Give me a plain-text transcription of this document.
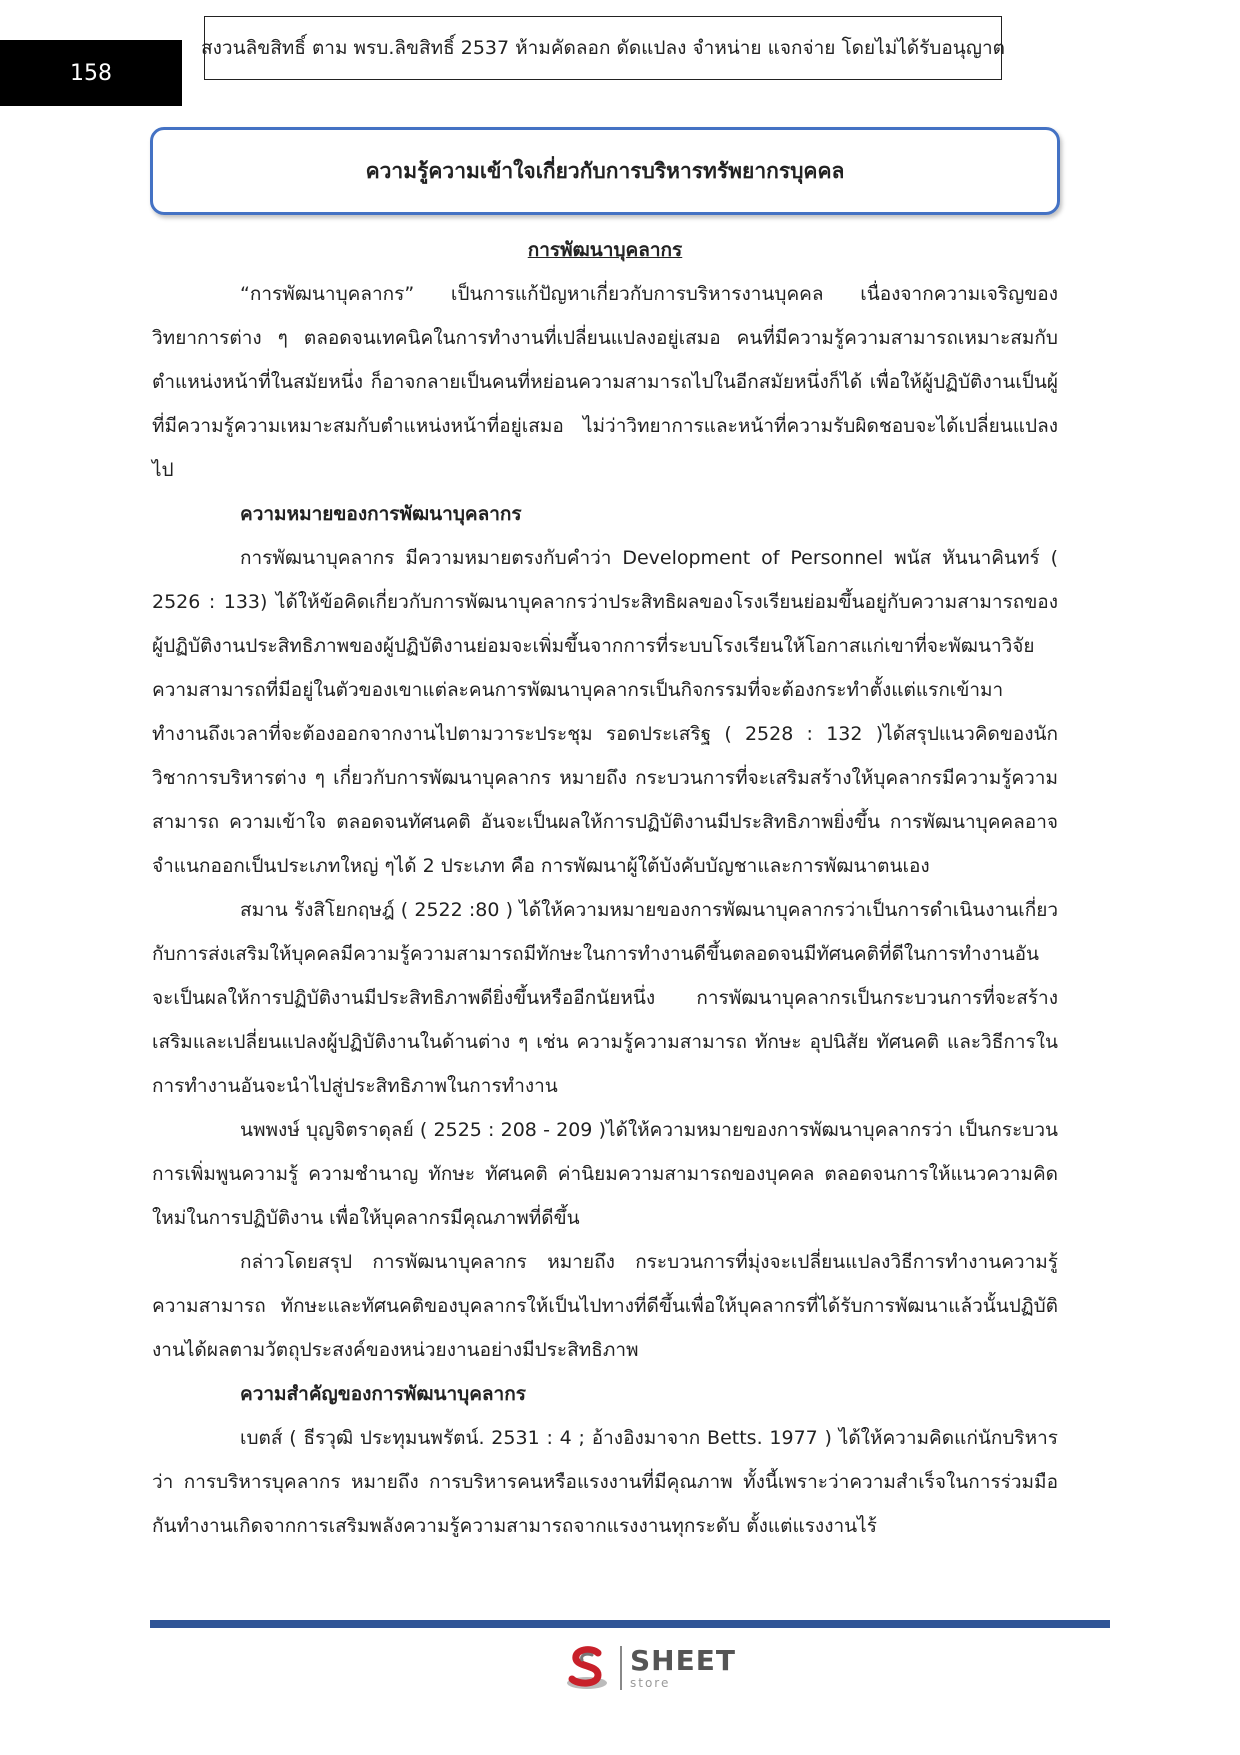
158
สงวนลิขสิทธิ์ ตาม พรบ.ลิขสิทธิ์ 2537 ห้ามคัดลอก ดัดแปลง จำหน่าย แจกจ่าย โดยไม่ได้รับอนุญาต
ความรู้ความเข้าใจเกี่ยวกับการบริหารทรัพยากรบุคคล
การพัฒนาบุคลากร

“การพัฒนาบุคลากร” เป็นการแก้ปัญหาเกี่ยวกับการบริหารงานบุคคล เนื่องจากความเจริญของวิทยาการต่าง ๆ ตลอดจนเทคนิคในการทำงานที่เปลี่ยนแปลงอยู่เสมอ คนที่มีความรู้ความสามารถเหมาะสมกับตำแหน่งหน้าที่ในสมัยหนึ่ง ก็อาจกลายเป็นคนที่หย่อนความสามารถไปในอีกสมัยหนึ่งก็ได้ เพื่อให้ผู้ปฏิบัติงานเป็นผู้ที่มีความรู้ความเหมาะสมกับตำแหน่งหน้าที่อยู่เสมอ ไม่ว่าวิทยาการและหน้าที่ความรับผิดชอบจะได้เปลี่ยนแปลงไป

ความหมายของการพัฒนาบุคลากร

การพัฒนาบุคลากร มีความหมายตรงกับคำว่า Development of Personnel พนัส หันนาคินทร์ ( 2526 : 133) ได้ให้ข้อคิดเกี่ยวกับการพัฒนาบุคลากรว่าประสิทธิผลของโรงเรียนย่อมขึ้นอยู่กับความสามารถของผู้ปฏิบัติงานประสิทธิภาพของผู้ปฏิบัติงานย่อมจะเพิ่มขึ้นจากการที่ระบบโรงเรียนให้โอกาสแก่เขาที่จะพัฒนาวิจัยความสามารถที่มีอยู่ในตัวของเขาแต่ละคนการพัฒนาบุคลากรเป็นกิจกรรมที่จะต้องกระทำตั้งแต่แรกเข้ามาทำงานถึงเวลาที่จะต้องออกจากงานไปตามวาระประชุม รอดประเสริฐ ( 2528 : 132 )ได้สรุปแนวคิดของนักวิชาการบริหารต่าง ๆ เกี่ยวกับการพัฒนาบุคลากร หมายถึง กระบวนการที่จะเสริมสร้างให้บุคลากรมีความรู้ความสามารถ ความเข้าใจ ตลอดจนทัศนคติ อันจะเป็นผลให้การปฏิบัติงานมีประสิทธิภาพยิ่งขึ้น การพัฒนาบุคคลอาจจำแนกออกเป็นประเภทใหญ่ ๆได้ 2 ประเภท คือ การพัฒนาผู้ใต้บังคับบัญชาและการพัฒนาตนเอง

สมาน รังสิโยกฤษฎ์ ( 2522 :80 ) ได้ให้ความหมายของการพัฒนาบุคลากรว่าเป็นการดำเนินงานเกี่ยวกับการส่งเสริมให้บุคคลมีความรู้ความสามารถมีทักษะในการทำงานดีขึ้นตลอดจนมีทัศนคติที่ดีในการทำงานอันจะเป็นผลให้การปฏิบัติงานมีประสิทธิภาพดียิ่งขึ้นหรืออีกนัยหนึ่ง การพัฒนาบุคลากรเป็นกระบวนการที่จะสร้างเสริมและเปลี่ยนแปลงผู้ปฏิบัติงานในด้านต่าง ๆ เช่น ความรู้ความสามารถ ทักษะ อุปนิสัย ทัศนคติ และวิธีการในการทำงานอันจะนำไปสู่ประสิทธิภาพในการทำงาน

นพพงษ์ บุญจิตราดุลย์ ( 2525 : 208 - 209 )ได้ให้ความหมายของการพัฒนาบุคลากรว่า เป็นกระบวนการเพิ่มพูนความรู้ ความชำนาญ ทักษะ ทัศนคติ ค่านิยมความสามารถของบุคคล ตลอดจนการให้แนวความคิดใหม่ในการปฏิบัติงาน เพื่อให้บุคลากรมีคุณภาพที่ดีขึ้น

กล่าวโดยสรุป การพัฒนาบุคลากร หมายถึง กระบวนการที่มุ่งจะเปลี่ยนแปลงวิธีการทำงานความรู้ความสามารถ ทักษะและทัศนคติของบุคลากรให้เป็นไปทางที่ดีขึ้นเพื่อให้บุคลากรที่ได้รับการพัฒนาแล้วนั้นปฏิบัติงานได้ผลตามวัตถุประสงค์ของหน่วยงานอย่างมีประสิทธิภาพ

ความสำคัญของการพัฒนาบุคลากร

เบตส์ ( ธีรวุฒิ ประทุมนพรัตน์. 2531 : 4 ; อ้างอิงมาจาก Betts. 1977 ) ได้ให้ความคิดแก่นักบริหารว่า การบริหารบุคลากร หมายถึง การบริหารคนหรือแรงงานที่มีคุณภาพ ทั้งนี้เพราะว่าความสำเร็จในการร่วมมือกันทำงานเกิดจากการเสริมพลังความรู้ความสามารถจากแรงงานทุกระดับ ตั้งแต่แรงงานไร้

SHEET
store
